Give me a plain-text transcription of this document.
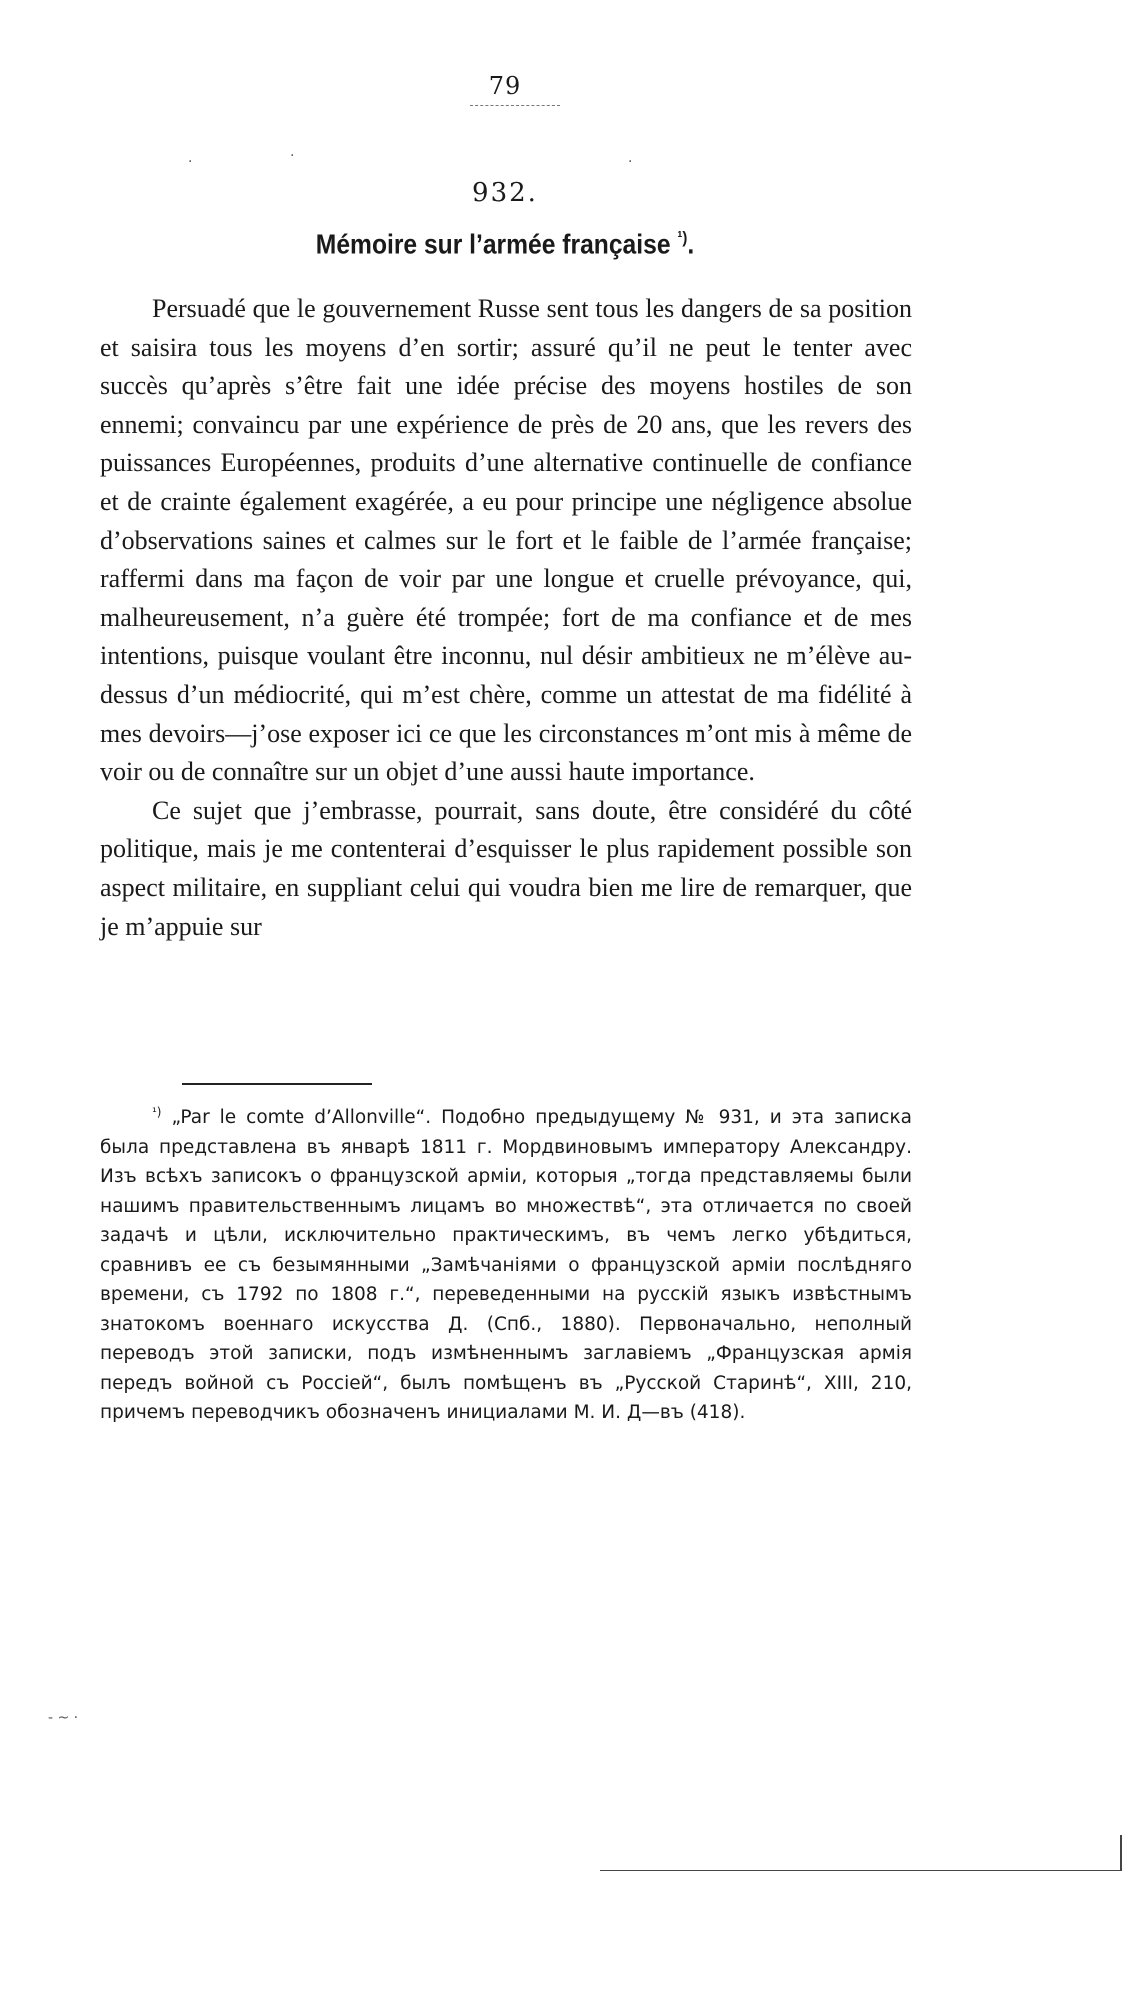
79
.	.	.
- ~ ·
932.
Mémoire sur l’armée française $^{^1)}$.

Persuadé que le gouvernement Russe sent tous les dangers de sa position et saisira tous les moyens d’en sortir; assuré qu’il ne peut le tenter avec succès qu’après s’être fait une idée précise des moyens hostiles de son ennemi; convaincu par une expérience de près de 20 ans, que les revers des puissances Européennes, produits d’une alternative continuelle de confiance et de crainte également exagérée, a eu pour principe une négligence absolue d’observations saines et calmes sur le fort et le faible de l’armée française; raffermi dans ma façon de voir par une longue et cruelle prévoyance, qui, malheureusement, n’a guère été trompée; fort de ma confiance et de mes intentions, puisque voulant être inconnu, nul désir ambitieux ne m’élève au-dessus d’un médiocrité, qui m’est chère, comme un attestat de ma fidélité à mes devoirs—j’ose exposer ici ce que les circonstances m’ont mis à même de voir ou de connaître sur un objet d’une aussi haute importance.

Ce sujet que j’embrasse, pourrait, sans doute, être considéré du côté politique, mais je me contenterai d’esquisser le plus rapidement possible son aspect militaire, en suppliant celui qui voudra bien me lire de remarquer, que je m’appuie sur

$^{^1)}$ „Par le comte d’Allonville“. Подобно предыдущему № 931, и эта записка была представлена въ январѣ 1811 г. Мордвиновымъ императору Александру. Изъ всѣхъ записокъ о французской арміи, которыя „тогда представляемы были нашимъ правительственнымъ лицамъ во множествѣ“, эта отличается по своей задачѣ и цѣли, исключительно практическимъ, въ чемъ легко убѣдиться, сравнивъ ее съ безымянными „Замѣчаніями о французской арміи послѣдняго времени, съ 1792 по 1808 г.“, переведенными на русскій языкъ извѣстнымъ знатокомъ военнаго искусства Д. (Спб., 1880). Первоначально, неполный переводъ этой записки, подъ измѣненнымъ заглавіемъ „Французская армія передъ войной съ Россіей“, былъ помѣщенъ въ „Русской Старинѣ“, XIII, 210, причемъ переводчикъ обозначенъ инициалами М. И. Д—въ (418).
